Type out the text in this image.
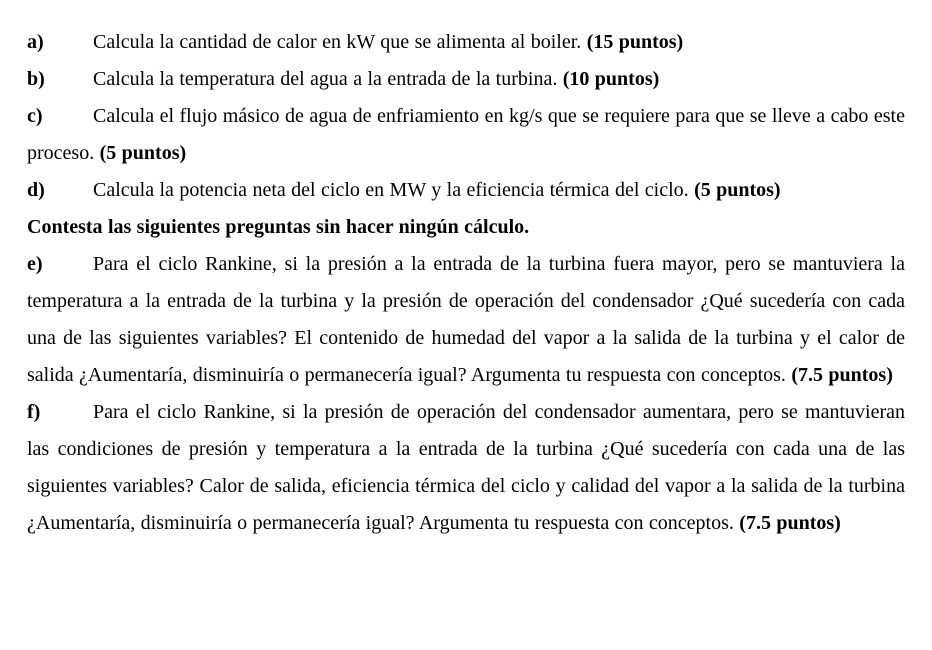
a) Calcula la cantidad de calor en kW que se alimenta al boiler. (15 puntos)
b) Calcula la temperatura del agua a la entrada de la turbina. (10 puntos)
c)	Calcula el flujo másico de agua de enfriamiento en kg/s que se requiere para que se lleve a cabo este proceso. (5 puntos)
d) Calcula la potencia neta del ciclo en MW y la eficiencia térmica del ciclo. (5 puntos)
Contesta las siguientes preguntas sin hacer ningún cálculo.
e)	Para el ciclo Rankine, si la presión a la entrada de la turbina fuera mayor, pero se mantuviera la temperatura a la entrada de la turbina y la presión de operación del condensador ¿Qué sucedería con cada una de las siguientes variables? El contenido de humedad del vapor a la salida de la turbina y el calor de salida ¿Aumentaría, disminuiría o permanecería igual? Argumenta tu respuesta con conceptos. (7.5 puntos)
f)	Para el ciclo Rankine, si la presión de operación del condensador aumentara, pero se mantuvieran las condiciones de presión y temperatura a la entrada de la turbina ¿Qué sucedería con cada una de las siguientes variables? Calor de salida, eficiencia térmica del ciclo y calidad del vapor a la salida de la turbina ¿Aumentaría, disminuiría o permanecería igual? Argumenta tu respuesta con conceptos. (7.5 puntos)
